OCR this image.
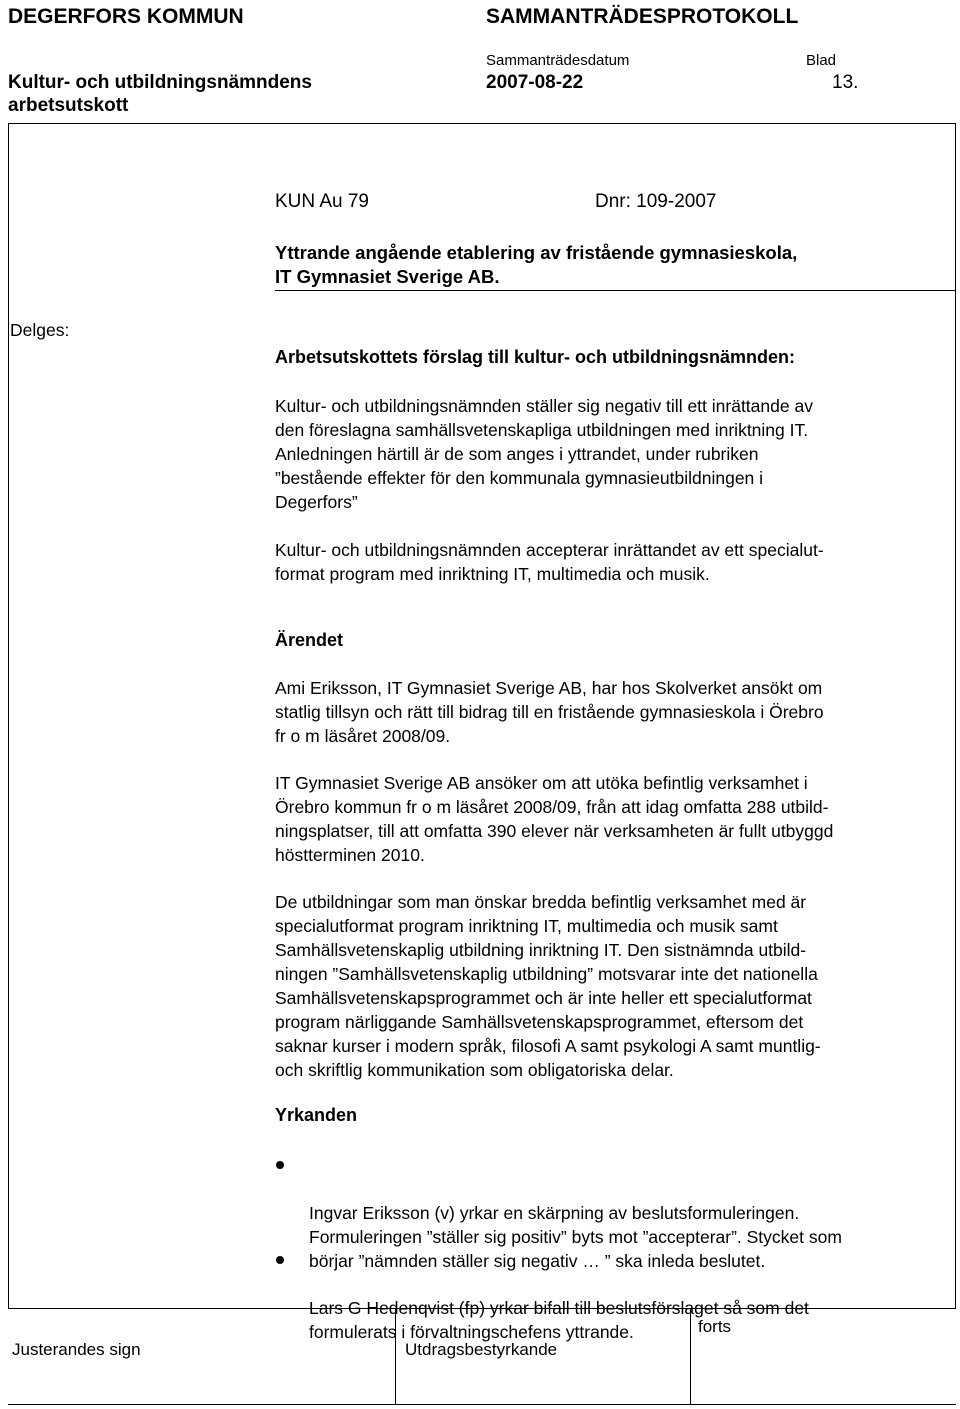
DEGERFORS KOMMUN	SAMMANTRÄDESPROTOKOLL
Sammanträdesdatum	Blad
Kultur- och utbildningsnämndens
arbetsutskott
2007-08-22	13.
KUN Au 79	Dnr: 109-2007
Yttrande angående etablering av fristående gymnasieskola,
IT Gymnasiet Sverige AB.
Delges:

Arbetsutskottets förslag till kultur- och utbildningsnämnden:

Kultur- och utbildningsnämnden ställer sig negativ till ett inrättande av
den föreslagna samhällsvetenskapliga utbildningen med inriktning IT.
Anledningen härtill är de som anges i yttrandet, under rubriken
”bestående effekter för den kommunala gymnasieutbildningen i
Degerfors”

Kultur- och utbildningsnämnden accepterar inrättandet av ett specialut-
format program med inriktning IT, multimedia och musik.

Ärendet

Ami Eriksson, IT Gymnasiet Sverige AB, har hos Skolverket ansökt om
statlig tillsyn och rätt till bidrag till en fristående gymnasieskola i Örebro
fr o m läsåret 2008/09.

IT Gymnasiet Sverige AB ansöker om att utöka befintlig verksamhet i
Örebro kommun fr o m läsåret 2008/09, från att idag omfatta 288 utbild-
ningsplatser, till att omfatta 390 elever när verksamheten är fullt utbyggd
höstterminen 2010.

De utbildningar som man önskar bredda befintlig verksamhet med är
specialutformat program inriktning IT, multimedia och musik samt
Samhällsvetenskaplig utbildning inriktning IT. Den sistnämnda utbild-
ningen ”Samhällsvetenskaplig utbildning” motsvarar inte det nationella
Samhällsvetenskapsprogrammet och är inte heller ett specialutformat
program närliggande Samhällsvetenskapsprogrammet, eftersom det
saknar kurser i modern språk, filosofi A samt psykologi A samt muntlig-
och skriftlig kommunikation som obligatoriska delar.

Yrkanden

Ingvar Eriksson (v) yrkar en skärpning av beslutsformuleringen.
Formuleringen ”ställer sig positiv” byts mot ”accepterar”. Stycket som
börjar ”nämnden ställer sig negativ … ” ska inleda beslutet.

Lars G Hedenqvist (fp) yrkar bifall till beslutsförslaget så som det
formulerats i förvaltningschefens yttrande.	forts
Justerandes sign	Utdragsbestyrkande
